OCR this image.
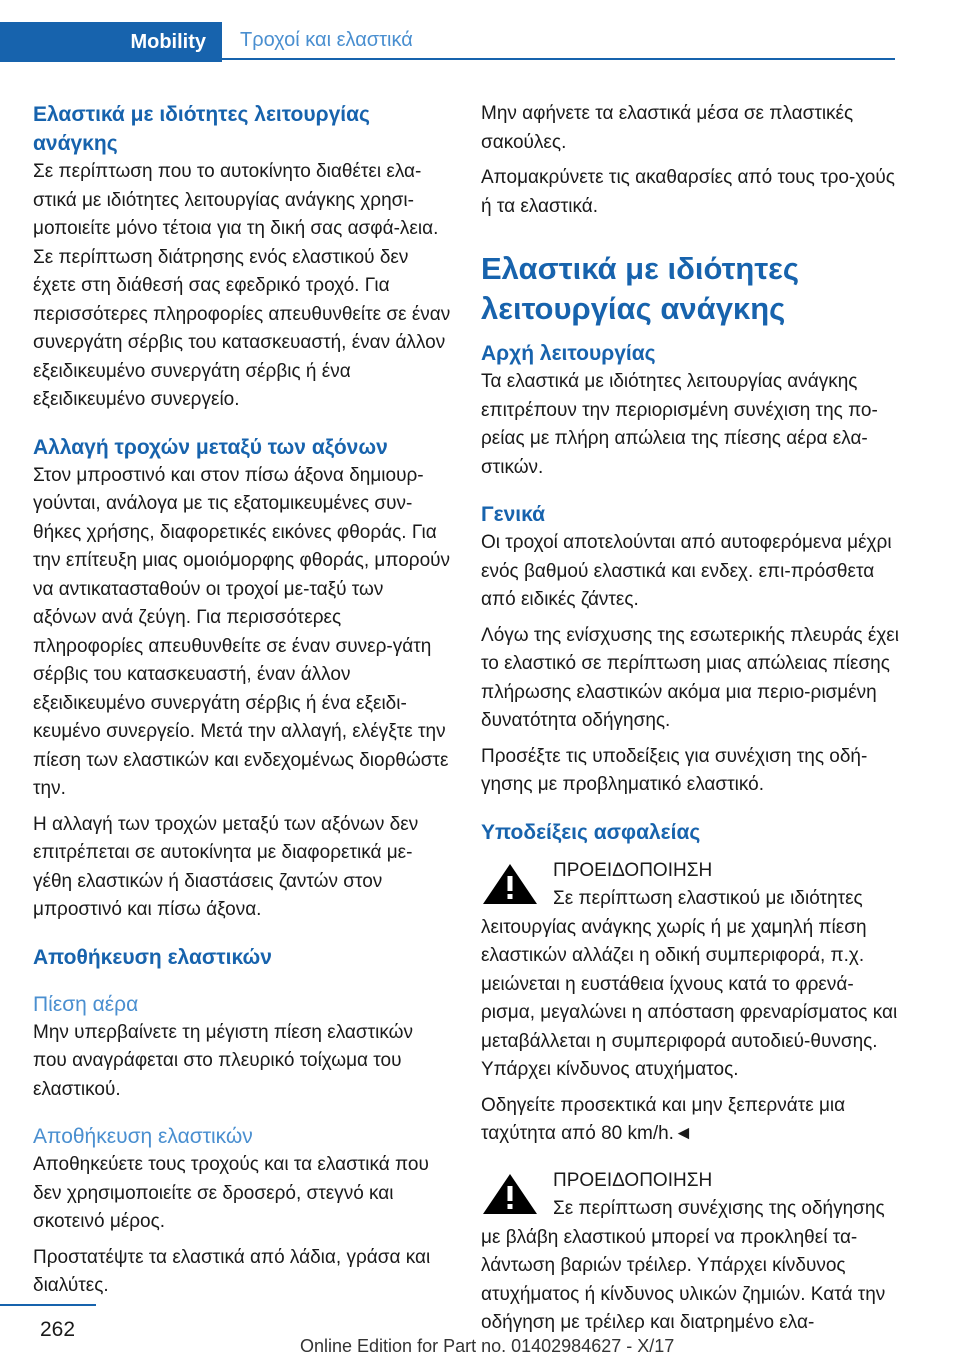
Mobility	Τροχοί και ελαστικά
Ελαστικά με ιδιότητες λειτουργίας ανάγκης

Σε περίπτωση που το αυτοκίνητο διαθέτει ελα-στικά με ιδιότητες λειτουργίας ανάγκης χρησι-μοποιείτε μόνο τέτοια για τη δική σας ασφά-λεια. Σε περίπτωση διάτρησης ενός ελαστικού δεν έχετε στη διάθεσή σας εφεδρικό τροχό. Για περισσότερες πληροφορίες απευθυνθείτε σε έναν συνεργάτη σέρβις του κατασκευαστή, έναν άλλον εξειδικευμένο συνεργάτη σέρβις ή ένα εξειδικευμένο συνεργείο.

Αλλαγή τροχών μεταξύ των αξόνων

Στον μπροστινό και στον πίσω άξονα δημιουρ-γούνται, ανάλογα με τις εξατομικευμένες συν-θήκες χρήσης, διαφορετικές εικόνες φθοράς. Για την επίτευξη μιας ομοιόμορφης φθοράς, μπορούν να αντικατασταθούν οι τροχοί με-ταξύ των αξόνων ανά ζεύγη. Για περισσότερες πληροφορίες απευθυνθείτε σε έναν συνερ-γάτη σέρβις του κατασκευαστή, έναν άλλον εξειδικευμένο συνεργάτη σέρβις ή ένα εξειδι-κευμένο συνεργείο. Μετά την αλλαγή, ελέγξτε την πίεση των ελαστικών και ενδεχομένως διορθώστε την.

Η αλλαγή των τροχών μεταξύ των αξόνων δεν επιτρέπεται σε αυτοκίνητα με διαφορετικά με-γέθη ελαστικών ή διαστάσεις ζαντών στον μπροστινό και πίσω άξονα.

Αποθήκευση ελαστικών
Πίεση αέρα

Μην υπερβαίνετε τη μέγιστη πίεση ελαστικών που αναγράφεται στο πλευρικό τοίχωμα του ελαστικού.

Αποθήκευση ελαστικών

Αποθηκεύετε τους τροχούς και τα ελαστικά που δεν χρησιμοποιείτε σε δροσερό, στεγνό και σκοτεινό μέρος.

Προστατέψτε τα ελαστικά από λάδια, γράσα και διαλύτες.

Μην αφήνετε τα ελαστικά μέσα σε πλαστικές σακούλες.

Απομακρύνετε τις ακαθαρσίες από τους τρο-χούς ή τα ελαστικά.

Ελαστικά με ιδιότητες λειτουργίας ανάγκης
Αρχή λειτουργίας

Τα ελαστικά με ιδιότητες λειτουργίας ανάγκης επιτρέπουν την περιορισμένη συνέχιση της πο-ρείας με πλήρη απώλεια της πίεσης αέρα ελα-στικών.

Γενικά

Οι τροχοί αποτελούνται από αυτοφερόμενα μέχρι ενός βαθμού ελαστικά και ενδεχ. επι-πρόσθετα από ειδικές ζάντες.

Λόγω της ενίσχυσης της εσωτερικής πλευράς έχει το ελαστικό σε περίπτωση μιας απώλειας πίεσης πλήρωσης ελαστικών ακόμα μια περιο-ρισμένη δυνατότητα οδήγησης.

Προσέξτε τις υποδείξεις για συνέχιση της οδή-γησης με προβληματικό ελαστικό.

Υποδείξεις ασφαλείας
ΠΡΟΕΙΔΟΠΟΙΗΣΗ
Σε περίπτωση ελαστικού με ιδιότητες λειτουργίας ανάγκης χωρίς ή με χαμηλή πίεση ελαστικών αλλάζει η οδική συμπεριφορά, π.χ. μειώνεται η ευστάθεια ίχνους κατά το φρενά-ρισμα, μεγαλώνει η απόσταση φρεναρίσματος και μεταβάλλεται η συμπεριφορά αυτοδιεύ-θυνσης. Υπάρχει κίνδυνος ατυχήματος.

Οδηγείτε προσεκτικά και μην ξεπερνάτε μια ταχύτητα από 80 km/h.◄

ΠΡΟΕΙΔΟΠΟΙΗΣΗ
Σε περίπτωση συνέχισης της οδήγησης με βλάβη ελαστικού μπορεί να προκληθεί τα-λάντωση βαριών τρέιλερ. Υπάρχει κίνδυνος ατυχήματος ή κίνδυνος υλικών ζημιών. Κατά την οδήγηση με τρέιλερ και διατρημένο ελα-
262
Online Edition for Part no. 01402984627 - X/17
